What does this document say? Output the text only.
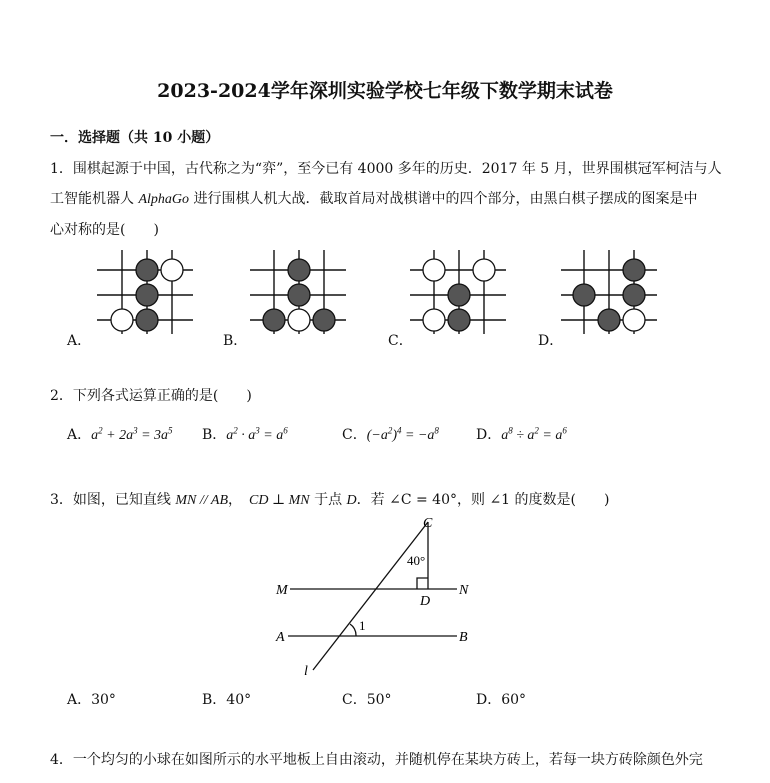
2023-2024学年深圳实验学校七年级下数学期末试卷
一．选择题（共 10 小题）
1．围棋起源于中国，古代称之为“弈”，至今已有 4000 多年的历史．2017 年 5 月，世界围棋冠军柯洁与人
工智能机器人 AlphaGo 进行围棋人机大战．截取首局对战棋谱中的四个部分，由黑白棋子摆成的图案是中
心对称的是(　　)
A．	B．	C．	D．
2．下列各式运算正确的是(　　)
A．$a^2 + 2a^3 = 3a^5$ B．$a^2 \cdot a^3 = a^6$	C．$(-a^2)^4 = -a^8$	D．$a^8 \div a^2 = a^6$
3．如图，已知直线 MN // AB，　CD ⊥ MN 于点 D．若 ∠C = 40°，则 ∠1 的度数是(　　)
C
40°
M	N
D
A	B
1
l
A．30°	B．40°	C．50°	D．60°
4．一个均匀的小球在如图所示的水平地板上自由滚动，并随机停在某块方砖上，若每一块方砖除颜色外完
